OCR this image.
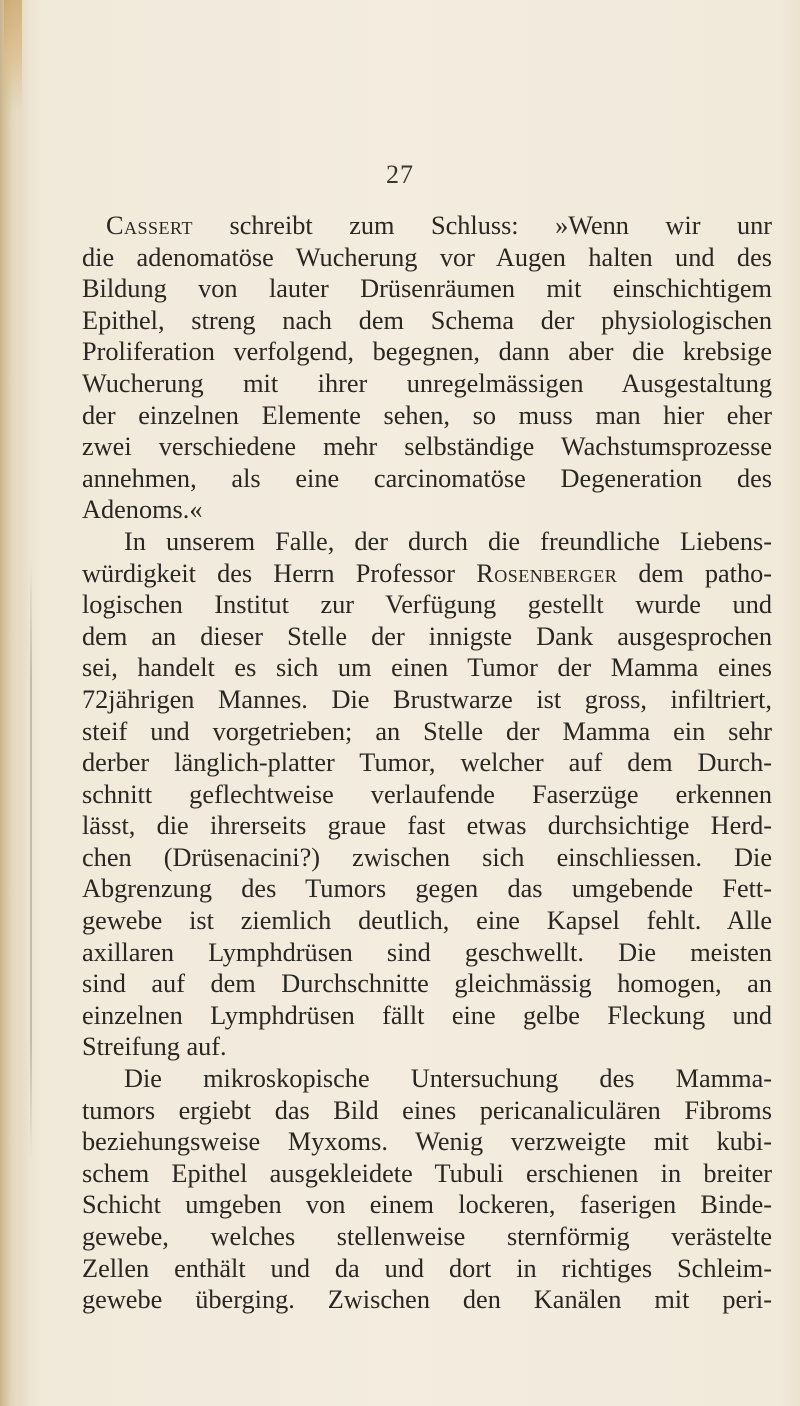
27

Cassert schreibt zum Schluss: »Wenn wir unr
die adenomatöse Wucherung vor Augen halten und des
Bildung von lauter Drüsenräumen mit einschichtigem
Epithel, streng nach dem Schema der physiologischen
Proliferation verfolgend, begegnen, dann aber die krebsige
Wucherung mit ihrer unregelmässigen Ausgestaltung
der einzelnen Elemente sehen, so muss man hier eher
zwei verschiedene mehr selbständige Wachstumsprozesse
annehmen, als eine carcinomatöse Degeneration des
Adenoms.«

In unserem Falle, der durch die freundliche Liebens-
würdigkeit des Herrn Professor Rosenberger dem patho-
logischen Institut zur Verfügung gestellt wurde und
dem an dieser Stelle der innigste Dank ausgesprochen
sei, handelt es sich um einen Tumor der Mamma eines
72jährigen Mannes. Die Brustwarze ist gross, infiltriert,
steif und vorgetrieben; an Stelle der Mamma ein sehr
derber länglich-platter Tumor, welcher auf dem Durch-
schnitt geflechtweise verlaufende Faserzüge erkennen
lässt, die ihrerseits graue fast etwas durchsichtige Herd-
chen (Drüsenacini?) zwischen sich einschliessen. Die
Abgrenzung des Tumors gegen das umgebende Fett-
gewebe ist ziemlich deutlich, eine Kapsel fehlt. Alle
axillaren Lymphdrüsen sind geschwellt. Die meisten
sind auf dem Durchschnitte gleichmässig homogen, an
einzelnen Lymphdrüsen fällt eine gelbe Fleckung und
Streifung auf.

Die mikroskopische Untersuchung des Mamma-
tumors ergiebt das Bild eines pericanaliculären Fibroms
beziehungsweise Myxoms. Wenig verzweigte mit kubi-
schem Epithel ausgekleidete Tubuli erschienen in breiter
Schicht umgeben von einem lockeren, faserigen Binde-
gewebe, welches stellenweise sternförmig verästelte
Zellen enthält und da und dort in richtiges Schleim-
gewebe überging. Zwischen den Kanälen mit peri-
